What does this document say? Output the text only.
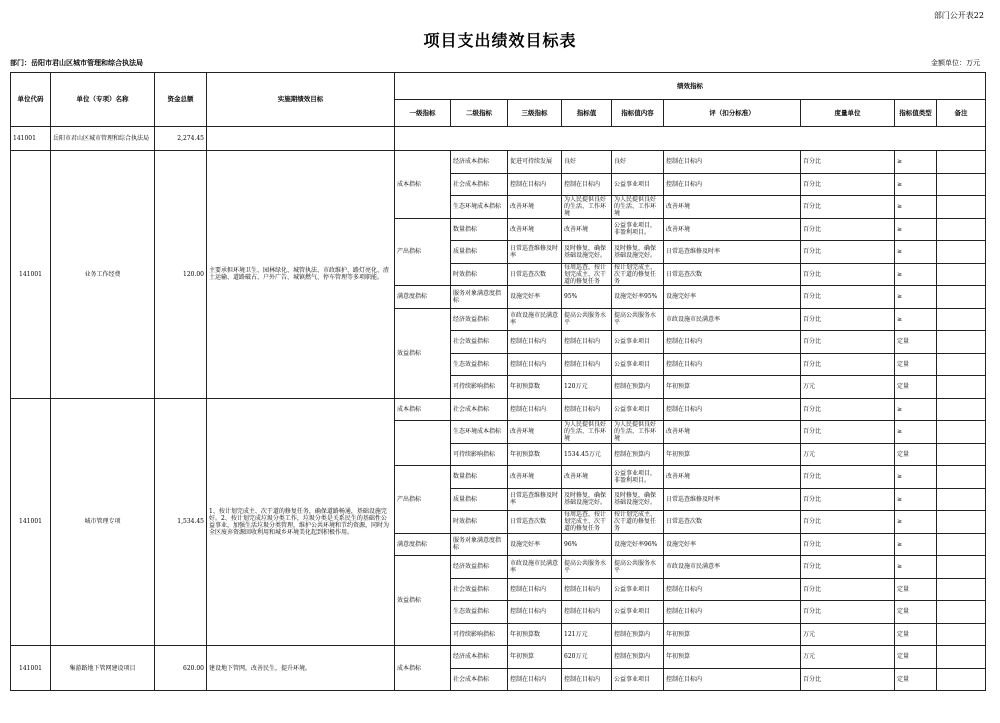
部门公开表22
项目支出绩效目标表
部门：岳阳市君山区城市管理和综合执法局	金额单位：万元
单位代码	单位（专项）名称	资金总额	实施期绩效目标	绩效指标								
				一级指标	二级指标	三级指标	指标值	指标值内容	评（扣分标准）	度量单位	指标值类型	备注
141001	岳阳市君山区城市管理和综合执法局	2,274.45										
141001	业务工作经费	120.00	主要承担环境卫生、园林绿化、城管执法、市政维护、路灯亮化、渣土运输、道路破占、户外广告、城镇燃气、停车管理等多项职能。	成本指标	经济成本指标	促进可持续发展	良好	良好	控制在目标内	百分比	≥	
					社会成本指标	控制在目标内	控制在目标内	公益事业项目	控制在目标内	百分比	≥	
					生态环境成本指标	改善环境	为人民提供良好的生活、工作环境	为人民提供良好的生活、工作环境	改善环境	百分比	≥	
				产出指标	数量指标	改善环境	改善环境	公益事业项目，非盈利项目。	改善环境	百分比	≥	
					质量指标	日常巡查维修及时率	及时修复，确保基础设施完好。	及时修复，确保基础设施完好。	日常巡查维修及时率	百分比	≥	
					时效指标	日常巡查次数	每周巡查，按计划完成主、次干道的修复任务	按计划完成主、次干道的修复任务	日常巡查次数	百分比	≥	
				满意度指标	服务对象满意度指标	设施完好率	95%	设施完好率95%	设施完好率	百分比	≥	
				效益指标	经济效益指标	市政设施市民满意率	提高公共服务水平	提高公共服务水平	市政设施市民满意率	百分比	≥	
					社会效益指标	控制在目标内	控制在目标内	公益事业项目	控制在目标内	百分比	定量	
					生态效益指标	控制在目标内	控制在目标内	公益事业项目	控制在目标内	百分比	定量	
					可持续影响指标	年初预算数	120万元	控制在预算内	年初预算	万元	定量	
141001	城市管理专项	1,534.45	1、按计划完成主、次干道的修复任务，确保道路畅通，基础设施完好。2、按计划完成垃圾分类工作，垃圾分类是关系民生的基础性公益事业，加强生活垃圾分类管理，维护公共环境和节约资源，同时为全区废弃资源回收利用和城乡环境美化起到积极作用。	成本指标	社会成本指标	控制在目标内	控制在目标内	公益事业项目	控制在目标内	百分比	≥	
					生态环境成本指标	改善环境	为人民提供良好的生活、工作环境	为人民提供良好的生活、工作环境	改善环境	百分比	≥	
					可持续影响指标	年初预算数	1534.45万元	控制在预算内	年初预算	万元	定量	
				产出指标	数量指标	改善环境	改善环境	公益事业项目，非盈利项目。	改善环境	百分比	≥	
					质量指标	日常巡查维修及时率	及时修复，确保基础设施完好。	及时修复，确保基础设施完好。	日常巡查维修及时率	百分比	≥	
					时效指标	日常巡查次数	每周巡查，按计划完成主、次干道的修复任务	按计划完成主、次干道的修复任务	日常巡查次数	百分比	≥	
				满意度指标	服务对象满意度指标	设施完好率	96%	设施完好率96%	设施完好率	百分比	≥	
				效益指标	经济效益指标	市政设施市民满意率	提高公共服务水平	提高公共服务水平	市政设施市民满意率	百分比	≥	
					社会效益指标	控制在目标内	控制在目标内	公益事业项目	控制在目标内	百分比	定量	
					生态效益指标	控制在目标内	控制在目标内	公益事业项目	控制在目标内	百分比	定量	
					可持续影响指标	年初预算数	121万元	控制在预算内	年初预算	万元	定量	
141001	集游路地下管网建设项目	620.00	建设地下管网，改善民生，提升环境。	成本指标	经济成本指标	年初预算	620万元	控制在预算内	年初预算	万元	定量	
					社会成本指标	控制在目标内	控制在目标内	公益事业项目	控制在目标内	百分比	定量	
